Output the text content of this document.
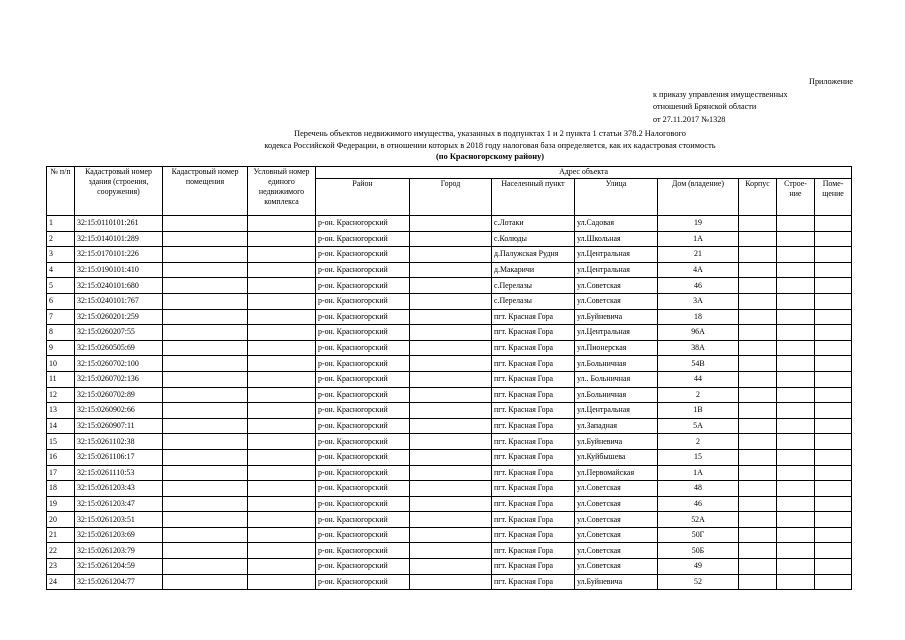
Приложение
к приказу управления имущественных
отношений Брянской области
от 27.11.2017 №1328
Перечень объектов недвижимого имущества, указанных в подпунктах 1 и 2 пункта 1 статьи 378.2 Налогового
кодекса Российской Федерации, в отношении которых в 2018 году налоговая база определяется, как их кадастровая стоимость
(по Красногорскому району)
№ п/п	Кадастровый номер здания (строения, сооружения)	Кадастровый номер помещения	Условный номер единого недвижимого комплекса	Адрес объекта							
				Район	Город	Населенный пункт	Улица	Дом (владение)	Корпус	Строе-ние	Поме-щение
1	32:15:0110101:261			р-он. Красногорский		с.Лотаки	ул.Садовая	19			
2	32:15:0140101:289			р-он. Красногорский		с.Колюды	ул.Школьная	1А			
3	32:15:0170101:226			р-он. Красногорский		д.Палужская Рудня	ул.Центральная	21			
4	32:15:0190101:410			р-он. Красногорский		д.Макаричи	ул.Центральная	4А			
5	32:15:0240101:680			р-он. Красногорский		с.Перелазы	ул.Советская	46			
6	32:15:0240101:767			р-он. Красногорский		с.Перелазы	ул.Советская	3А			
7	32:15:0260201:259			р-он. Красногорский		пгт. Красная Гора	ул.Буйневича	18			
8	32:15:0260207:55			р-он. Красногорский		пгт. Красная Гора	ул.Центральная	96А			
9	32:15:0260505:69			р-он. Красногорский		пгт. Красная Гора	ул.Пионерская	38А			
10	32:15:0260702:100			р-он. Красногорский		пгт. Красная Гора	ул.Больничная	54В			
11	32:15:0260702:136			р-он. Красногорский		пгт. Красная Гора	ул.. Больничная	44			
12	32:15:0260702:89			р-он. Красногорский		пгт. Красная Гора	ул.Больничная	2			
13	32:15:0260902:66			р-он. Красногорский		пгт. Красная Гора	ул.Центральная	1В			
14	32:15:0260907:11			р-он. Красногорский		пгт. Красная Гора	ул.Западная	5А			
15	32:15:0261102:38			р-он. Красногорский		пгт. Красная Гора	ул.Буйневича	2			
16	32:15:0261106:17			р-он. Красногорский		пгт. Красная Гора	ул.Куйбышева	15			
17	32:15:0261110:53			р-он. Красногорский		пгт. Красная Гора	ул.Первомайская	1А			
18	32:15:0261203:43			р-он. Красногорский		пгт. Красная Гора	ул.Советская	48			
19	32:15:0261203:47			р-он. Красногорский		пгт. Красная Гора	ул.Советская	46			
20	32:15:0261203:51			р-он. Красногорский		пгт. Красная Гора	ул.Советская	52А			
21	32:15:0261203:69			р-он. Красногорский		пгт. Красная Гора	ул.Советская	50Г			
22	32:15:0261203:79			р-он. Красногорский		пгт. Красная Гора	ул.Советская	50Б			
23	32:15:0261204:59			р-он. Красногорский		пгт. Красная Гора	ул.Советская	49			
24	32:15:0261204:77			р-он. Красногорский		пгт. Красная Гора	ул.Буйневича	52			
